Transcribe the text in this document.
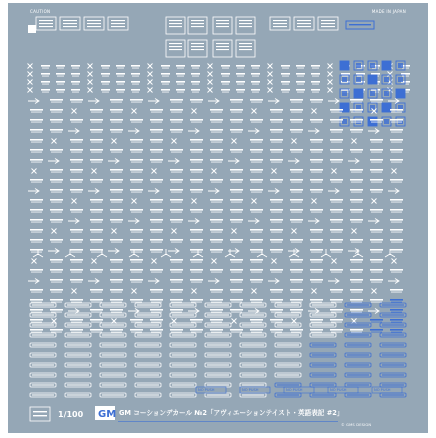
NO PUSH	NO PUSH	NO PUSH	NO PUSH	NO PUSH
GM
CAUTION	MADE IN JAPAN
1/100	GM コーションデカール №2「アヴィエーションテイスト・英語表記 #2」
© GMS DESIGN
